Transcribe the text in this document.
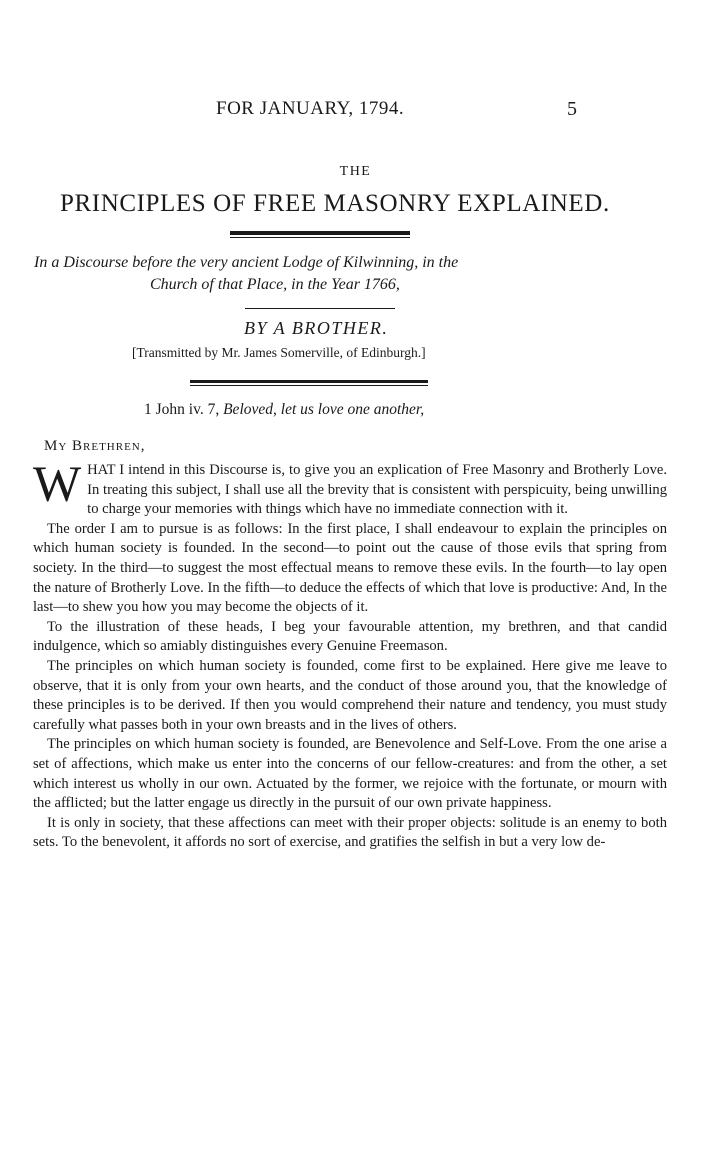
FOR JANUARY, 1794.	5
THE
PRINCIPLES OF FREE MASONRY EXPLAINED.
In a Discourse before the very ancient Lodge of Kilwinning, in the
Church of that Place, in the Year 1766,
BY A BROTHER.
[Transmitted by Mr. James Somerville, of Edinburgh.]
1 John iv. 7, Beloved, let us love one another,
My Brethren,

WHAT I intend in this Discourse is, to give you an explication of Free Masonry and Brotherly Love. In treating this subject, I shall use all the brevity that is consistent with perspicuity, being unwilling to charge your memories with things which have no immediate connection with it.

The order I am to pursue is as follows: In the first place, I shall endeavour to explain the principles on which human society is founded. In the second—to point out the cause of those evils that spring from society. In the third—to suggest the most effectual means to remove these evils. In the fourth—to lay open the nature of Brotherly Love. In the fifth—to deduce the effects of which that love is productive: And, In the last—to shew you how you may become the objects of it.

To the illustration of these heads, I beg your favourable attention, my brethren, and that candid indulgence, which so amiably distinguishes every Genuine Freemason.

The principles on which human society is founded, come first to be explained. Here give me leave to observe, that it is only from your own hearts, and the conduct of those around you, that the knowledge of these principles is to be derived. If then you would comprehend their nature and tendency, you must study carefully what passes both in your own breasts and in the lives of others.

The principles on which human society is founded, are Benevolence and Self-Love. From the one arise a set of affections, which make us enter into the concerns of our fellow-creatures: and from the other, a set which interest us wholly in our own. Actuated by the former, we rejoice with the fortunate, or mourn with the afflicted; but the latter engage us directly in the pursuit of our own private happiness.

It is only in society, that these affections can meet with their proper objects: solitude is an enemy to both sets. To the benevolent, it affords no sort of exercise, and gratifies the selfish in but a very low de-
